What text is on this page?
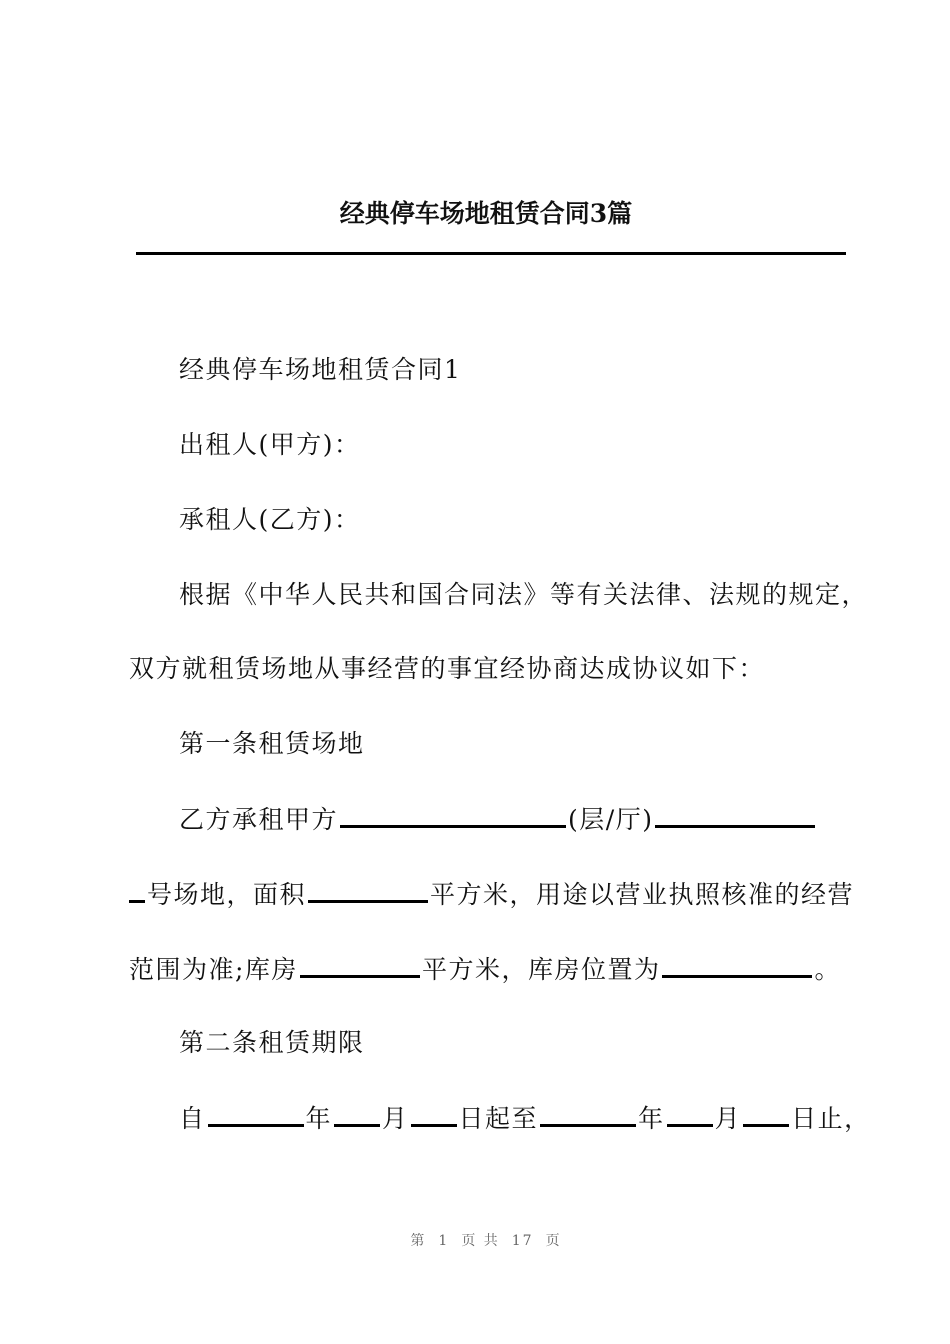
经典停车场地租赁合同3篇
经典停车场地租赁合同1
出租人(甲方)：
承租人(乙方)：
根据《中华人民共和国合同法》等有关法律、法规的规定，
双方就租赁场地从事经营的事宜经协商达成协议如下：
第一条租赁场地
乙方承租甲方	(层/厅)
号场地，面积	平方米，用途以营业执照核准的经营
范围为准;库房	平方米，库房位置为	。
第二条租赁期限
自	年 月 日起至	年 月 日止，
第 1 页 共 17 页
